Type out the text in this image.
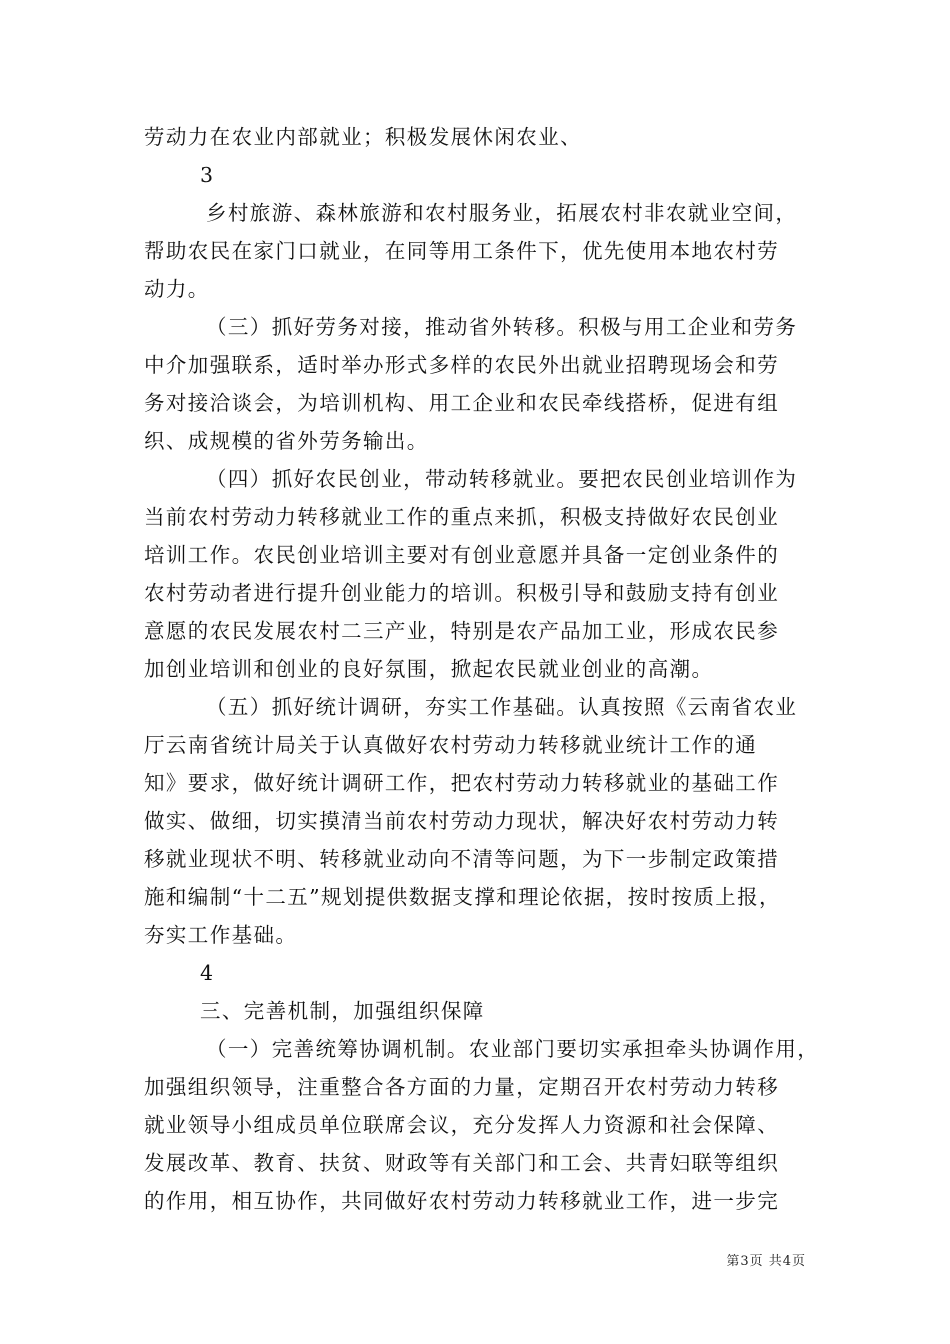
劳动力在农业内部就业；积极发展休闲农业、
3
乡村旅游、森林旅游和农村服务业，拓展农村非农就业空间，
帮助农民在家门口就业，在同等用工条件下，优先使用本地农村劳
动力。
（三）抓好劳务对接，推动省外转移。积极与用工企业和劳务
中介加强联系，适时举办形式多样的农民外出就业招聘现场会和劳
务对接洽谈会，为培训机构、用工企业和农民牵线搭桥，促进有组
织、成规模的省外劳务输出。
（四）抓好农民创业，带动转移就业。要把农民创业培训作为
当前农村劳动力转移就业工作的重点来抓，积极支持做好农民创业
培训工作。农民创业培训主要对有创业意愿并具备一定创业条件的
农村劳动者进行提升创业能力的培训。积极引导和鼓励支持有创业
意愿的农民发展农村二三产业，特别是农产品加工业，形成农民参
加创业培训和创业的良好氛围，掀起农民就业创业的高潮。
（五）抓好统计调研，夯实工作基础。认真按照《云南省农业
厅云南省统计局关于认真做好农村劳动力转移就业统计工作的通
知》要求，做好统计调研工作，把农村劳动力转移就业的基础工作
做实、做细，切实摸清当前农村劳动力现状，解决好农村劳动力转
移就业现状不明、转移就业动向不清等问题，为下一步制定政策措
施和编制“十二五”规划提供数据支撑和理论依据，按时按质上报，
夯实工作基础。
4
三、完善机制，加强组织保障
（一）完善统筹协调机制。农业部门要切实承担牵头协调作用，
加强组织领导，注重整合各方面的力量，定期召开农村劳动力转移
就业领导小组成员单位联席会议，充分发挥人力资源和社会保障、
发展改革、教育、扶贫、财政等有关部门和工会、共青妇联等组织
的作用，相互协作，共同做好农村劳动力转移就业工作，进一步完
第3页 共4页
